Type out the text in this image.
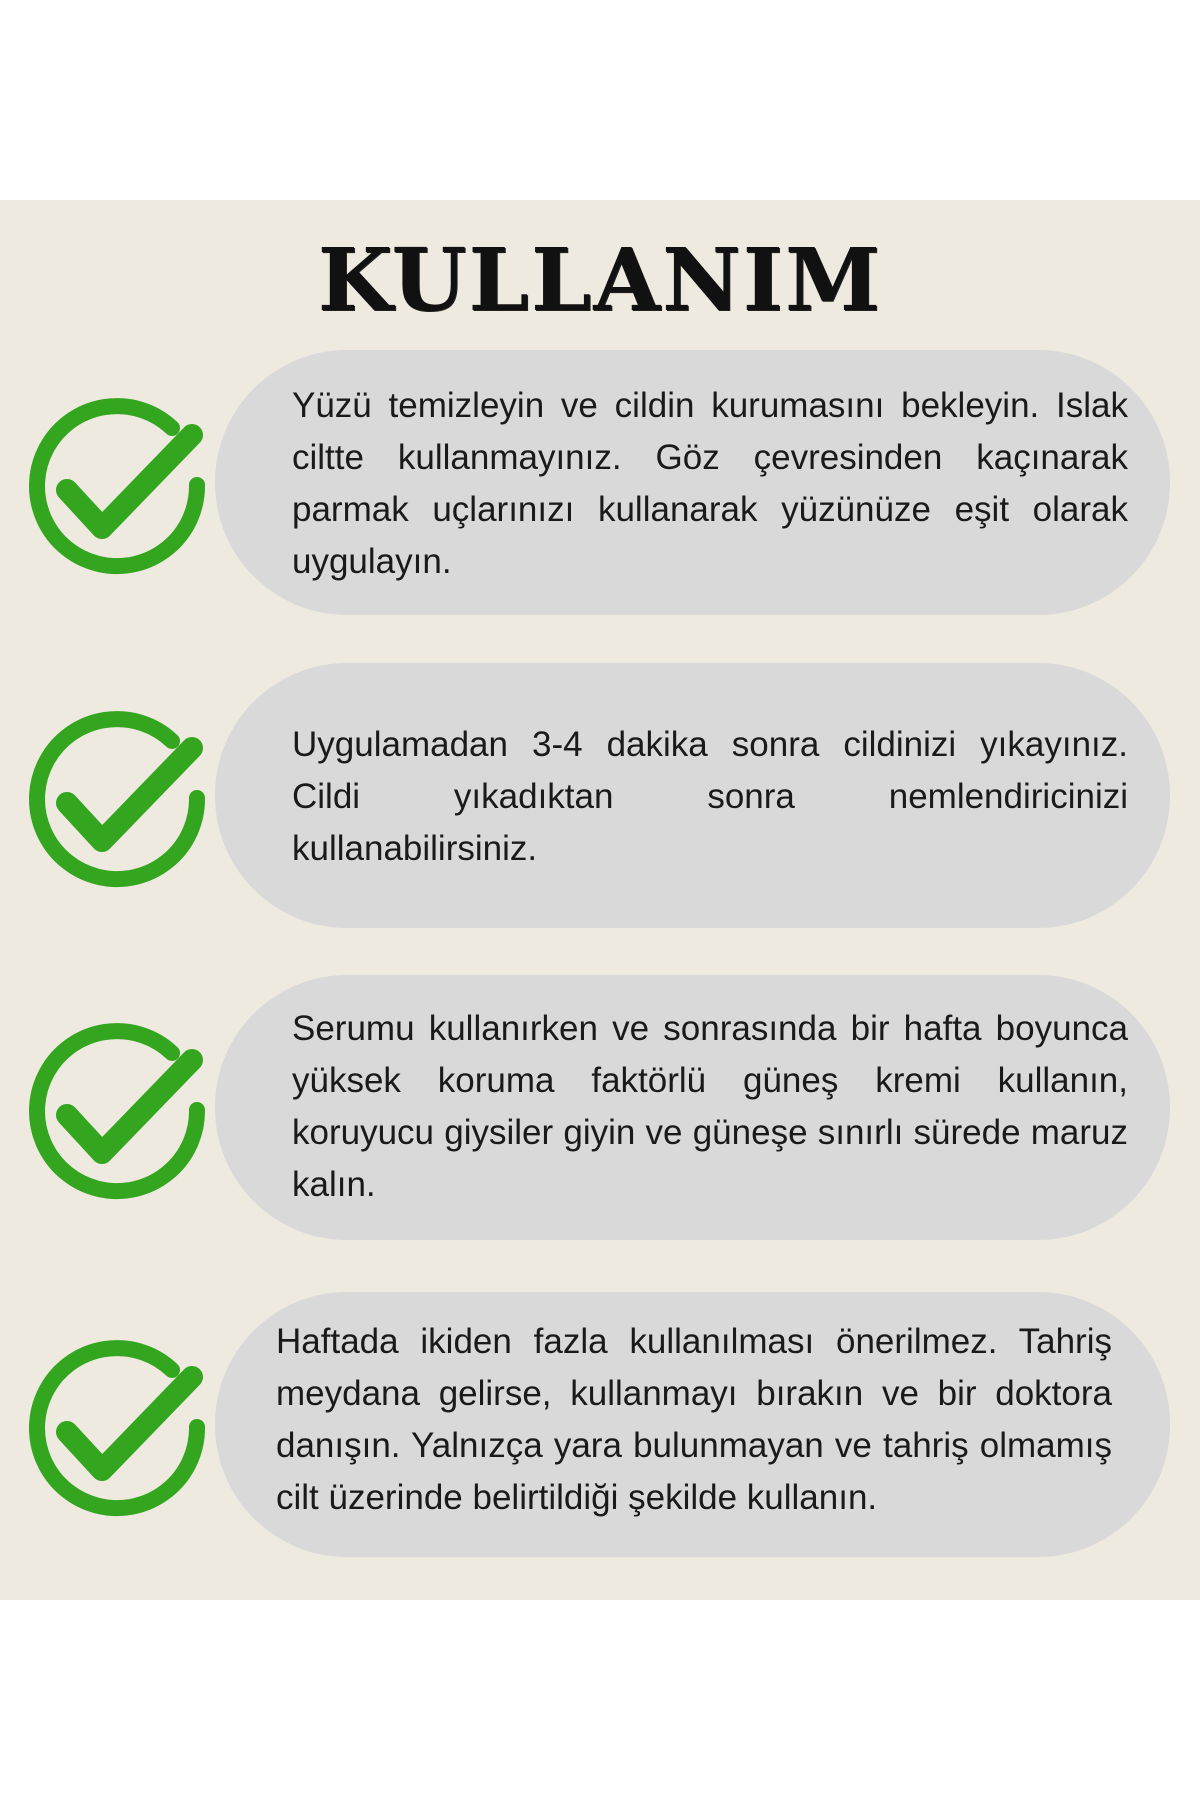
KULLANIM
Yüzü temizleyin ve cildin kurumasını bekleyin. Islak ciltte kullanmayınız. Göz çevresinden kaçınarak parmak uçlarınızı kullanarak yüzünüze eşit olarak uygulayın.
Uygulamadan 3-4 dakika sonra cildinizi yıkayınız. Cildi yıkadıktan sonra nemlendiricinizi kullanabilirsiniz.
Serumu kullanırken ve sonrasında bir hafta boyunca yüksek koruma faktörlü güneş kremi kullanın, koruyucu giysiler giyin ve güneşe sınırlı sürede maruz kalın.
Haftada ikiden fazla kullanılması önerilmez. Tahriş meydana gelirse, kullanmayı bırakın ve bir doktora danışın. Yalnızça yara bulunmayan ve tahriş olmamış cilt üzerinde belirtildiği şekilde kullanın.
